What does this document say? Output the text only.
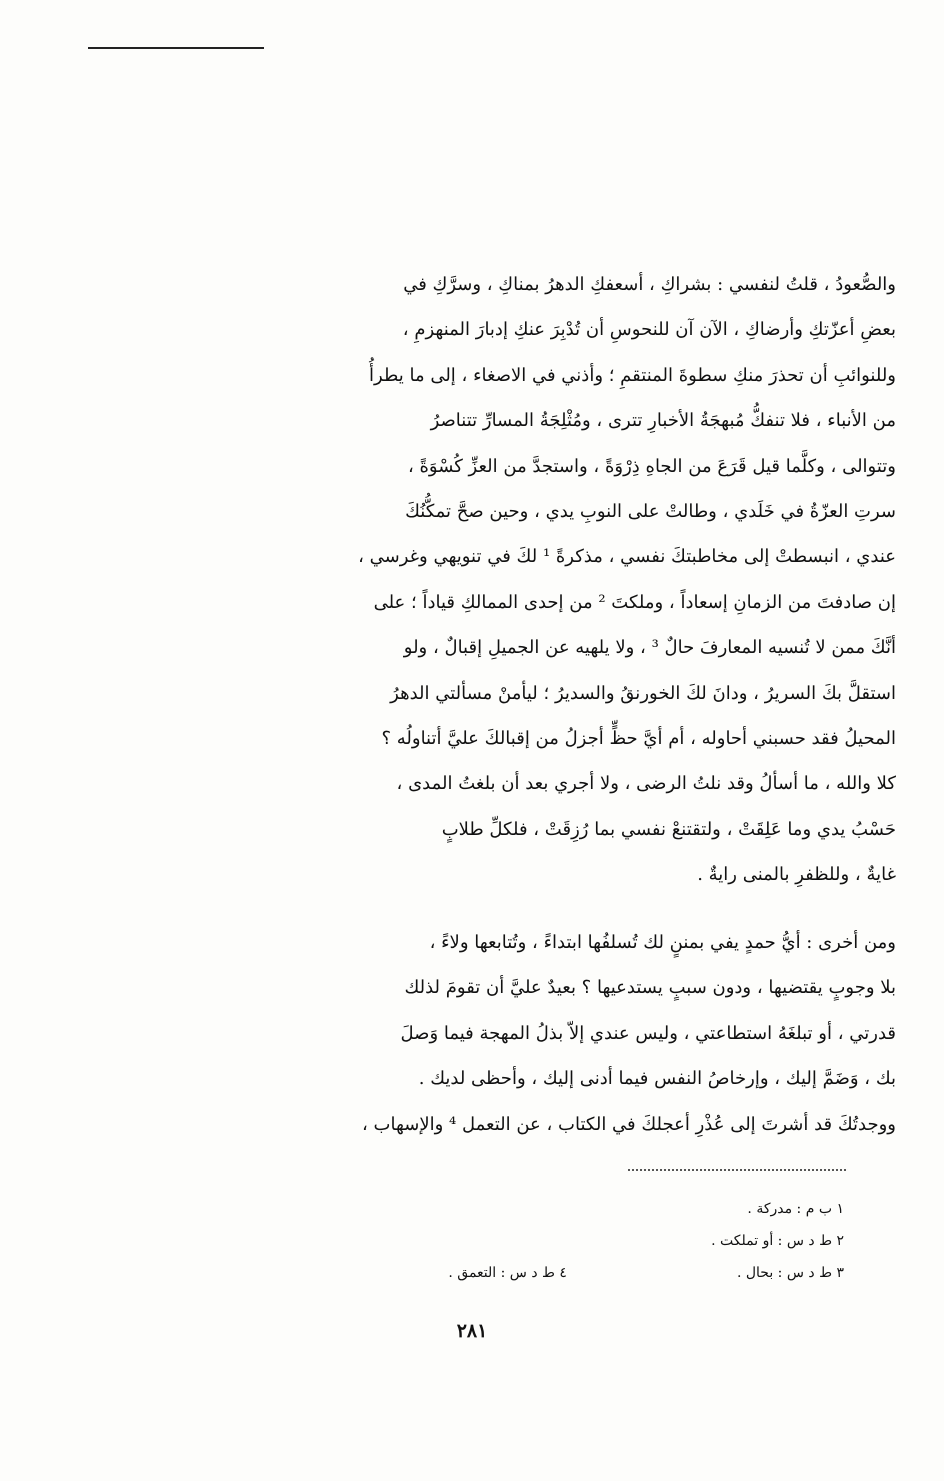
والصُّعودُ ، قلتُ لنفسي : بشراكِ ، أسعفكِ الدهرُ بمناكِ ، وسرَّكِ في
بعضِ أعزّتكِ وأرضاكِ ، الآن آن للنحوسِ أن تُدْبِرَ عنكِ إدبارَ المنهزمِ ،
وللنوائبِ أن تحذرَ منكِ سطوةَ المنتقمِ ؛ وأذني في الاصغاء ، إلى ما يطرأُ
من الأنباء ، فلا تنفكُّ مُبهجَةُ الأخبارِ تترى ، ومُثْلِجَةُ المسارِّ تتناصرُ
وتتوالى ، وكلَّما قيل قَرَعَ من الجاهِ ذِرْوَةً ، واستجدَّ من العزِّ كُسْوَةً ،
سرتِ العزّةُ في خَلَدي ، وطالتْ على النوبِ يدي ، وحين صحَّ تمكُّنُكَ
عندي ، انبسطتْ إلى مخاطبتكَ نفسي ، مذكرةً ¹ لكَ في تنويهي وغرسي ،
إن صادفتَ من الزمانِ إسعاداً ، وملكتَ ² من إحدى الممالكِ قياداً ؛ على
أنَّكَ ممن لا تُنسيه المعارفَ حالٌ ³ ، ولا يلهيه عن الجميلِ إقبالٌ ، ولو
استقلَّ بكَ السريرُ ، ودانَ لكَ الخورنقُ والسديرُ ؛ ليأمنْ مسألتي الدهرُ
المحيلُ فقد حسبني أحاوله ، أم أيَّ حظٍّ أجزلُ من إقبالكَ عليَّ أتناولُه ؟
كلا والله ، ما أسألُ وقد نلتُ الرضى ، ولا أجري بعد أن بلغتُ المدى ،
حَسْبُ يدي وما عَلِقَتْ ، ولتقتنعْ نفسي بما رُزِقَتْ ، فلكلِّ طلابٍ
غايةٌ ، وللظفرِ بالمنى رايةٌ .
ومن أخرى : أيُّ حمدٍ يفي بمننٍ لك تُسلفُها ابتداءً ، وتُتابعها ولاءً ،
بلا وجوبٍ يقتضيها ، ودون سببٍ يستدعيها ؟ بعيدٌ عليَّ أن تقومَ لذلك
قدرتي ، أو تبلغَهُ استطاعتي ، وليس عندي إلاّ بذلُ المهجة فيما وَصلَ
بك ، وَضَمَّ إليك ، وإرخاصُ النفس فيما أدنى إليك ، وأحظى لديك .
ووجدتُكَ قد أشرتَ إلى عُذْرِ أعجلكَ في الكتاب ، عن التعمل ⁴ والإسهاب ،
١ ب م : مدركة .
٢ ط د س : أو تملكت .
٣ ط د س : بحال .
٤ ط د س : التعمق .
٢٨١
